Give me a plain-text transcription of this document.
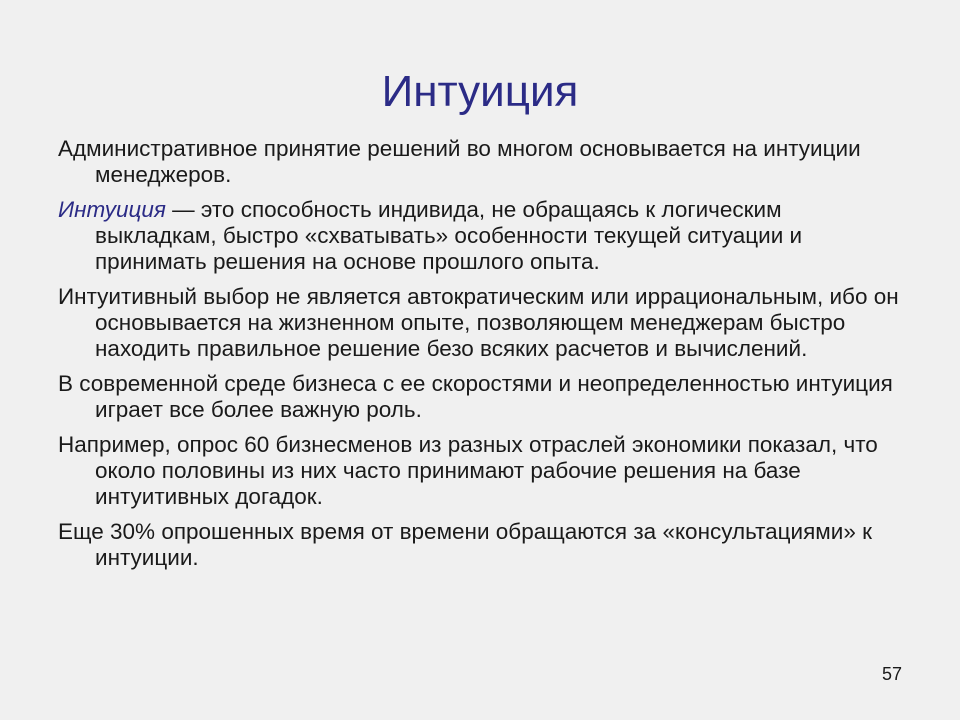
Интуиция

Административное принятие решений во многом основывается на интуиции менеджеров.

Интуиция — это способность индивида, не обращаясь к логическим выкладкам, быстро «схватывать» особенности текущей ситуации и принимать решения на основе прошлого опыта.

Интуитивный выбор не является автократическим или иррациональным, ибо он основывается на жизненном опыте, позволяющем менеджерам быстро находить правильное решение безо всяких расчетов и вычислений.

В современной среде бизнеса с ее скоростями и неопределенностью интуиция играет все более важную роль.

Например, опрос 60 бизнесменов из разных отраслей экономики показал, что около половины из них часто принимают рабочие решения на базе интуитивных догадок.

Еще 30% опрошенных время от времени обращаются за «консультациями» к интуиции.

57
